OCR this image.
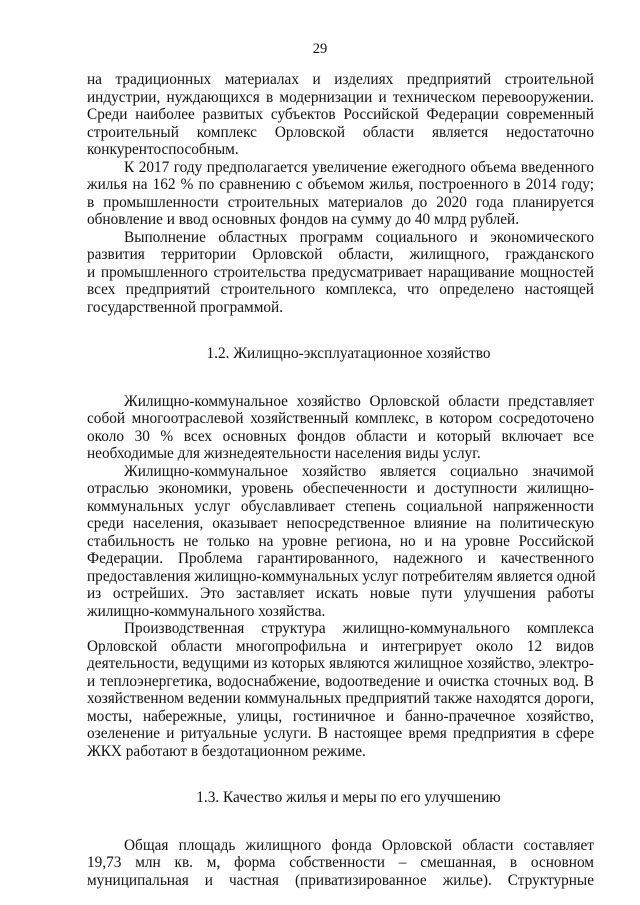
29
на традиционных материалах и изделиях предприятий строительной
индустрии, нуждающихся в модернизации и техническом перевооружении.
Среди наиболее развитых субъектов Российской Федерации современный
строительный комплекс Орловской области является недостаточно
конкурентоспособным.
К 2017 году предполагается увеличение ежегодного объема введенного
жилья на 162 % по сравнению с объемом жилья, построенного в 2014 году;
в промышленности строительных материалов до 2020 года планируется
обновление и ввод основных фондов на сумму до 40 млрд рублей.
Выполнение областных программ социального и экономического
развития территории Орловской области, жилищного, гражданского
и промышленного строительства предусматривает наращивание мощностей
всех предприятий строительного комплекса, что определено настоящей
государственной программой.
1.2. Жилищно-эксплуатационное хозяйство
Жилищно-коммунальное хозяйство Орловской области представляет
собой многоотраслевой хозяйственный комплекс, в котором сосредоточено
около 30 % всех основных фондов области и который включает все
необходимые для жизнедеятельности населения виды услуг.
Жилищно-коммунальное хозяйство является социально значимой
отраслью экономики, уровень обеспеченности и доступности жилищно-
коммунальных услуг обуславливает степень социальной напряженности
среди населения, оказывает непосредственное влияние на политическую
стабильность не только на уровне региона, но и на уровне Российской
Федерации. Проблема гарантированного, надежного и качественного
предоставления жилищно-коммунальных услуг потребителям является одной
из острейших. Это заставляет искать новые пути улучшения работы
жилищно-коммунального хозяйства.
Производственная структура жилищно-коммунального комплекса
Орловской области многопрофильна и интегрирует около 12 видов
деятельности, ведущими из которых являются жилищное хозяйство, электро-
и теплоэнергетика, водоснабжение, водоотведение и очистка сточных вод. В
хозяйственном ведении коммунальных предприятий также находятся дороги,
мосты, набережные, улицы, гостиничное и банно-прачечное хозяйство,
озеленение и ритуальные услуги. В настоящее время предприятия в сфере
ЖКХ работают в бездотационном режиме.
1.3. Качество жилья и меры по его улучшению
Общая площадь жилищного фонда Орловской области составляет
19,73 млн кв. м, форма собственности – смешанная, в основном
муниципальная и частная (приватизированное жилье). Структурные
